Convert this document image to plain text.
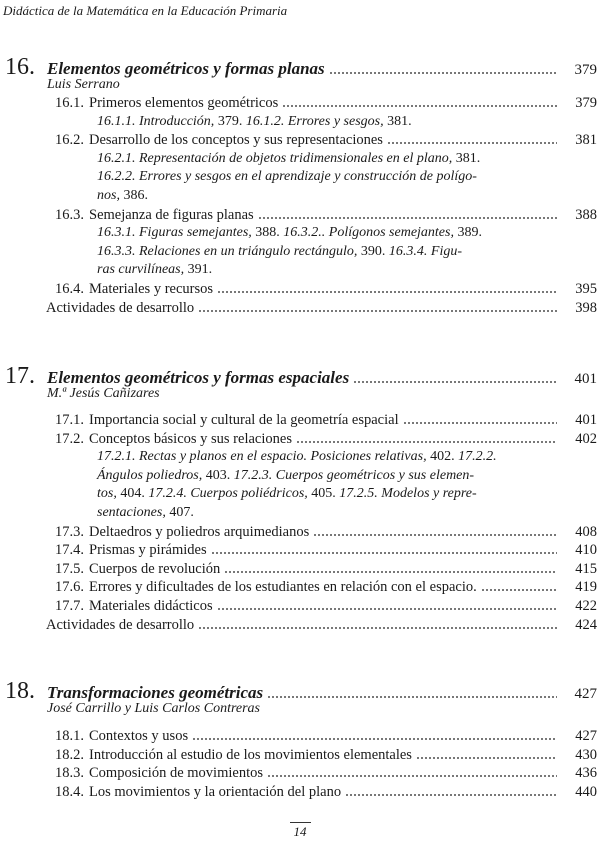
Didáctica de la Matemática en la Educación Primaria
16. Elementos geométricos y formas planas	379
Luis Serrano
16.1. Primeros elementos geométricos	379
16.1.1. Introducción, 379. 16.1.2. Errores y sesgos, 381.
16.2. Desarrollo de los conceptos y sus representaciones	381
16.2.1. Representación de objetos tridimensionales en el plano, 381.
16.2.2. Errores y sesgos en el aprendizaje y construcción de polígo-
nos, 386.
16.3. Semejanza de figuras planas	388
16.3.1. Figuras semejantes, 388. 16.3.2.. Polígonos semejantes, 389.
16.3.3. Relaciones en un triángulo rectángulo, 390. 16.3.4. Figu-
ras curvilíneas, 391.
16.4. Materiales y recursos	395
Actividades de desarrollo	398
17. Elementos geométricos y formas espaciales	401
M.ª Jesús Cañizares
17.1. Importancia social y cultural de la geometría espacial	401
17.2. Conceptos básicos y sus relaciones	402
17.2.1. Rectas y planos en el espacio. Posiciones relativas, 402. 17.2.2.
Ángulos poliedros, 403. 17.2.3. Cuerpos geométricos y sus elemen-
tos, 404. 17.2.4. Cuerpos poliédricos, 405. 17.2.5. Modelos y repre-
sentaciones, 407.
17.3. Deltaedros y poliedros arquimedianos	408
17.4. Prismas y pirámides	410
17.5. Cuerpos de revolución	415
17.6. Errores y dificultades de los estudiantes en relación con el espacio.	419
17.7. Materiales didácticos	422
Actividades de desarrollo	424
18. Transformaciones geométricas	427
José Carrillo y Luis Carlos Contreras
18.1. Contextos y usos	427
18.2. Introducción al estudio de los movimientos elementales	430
18.3. Composición de movimientos	436
18.4. Los movimientos y la orientación del plano	440
14
